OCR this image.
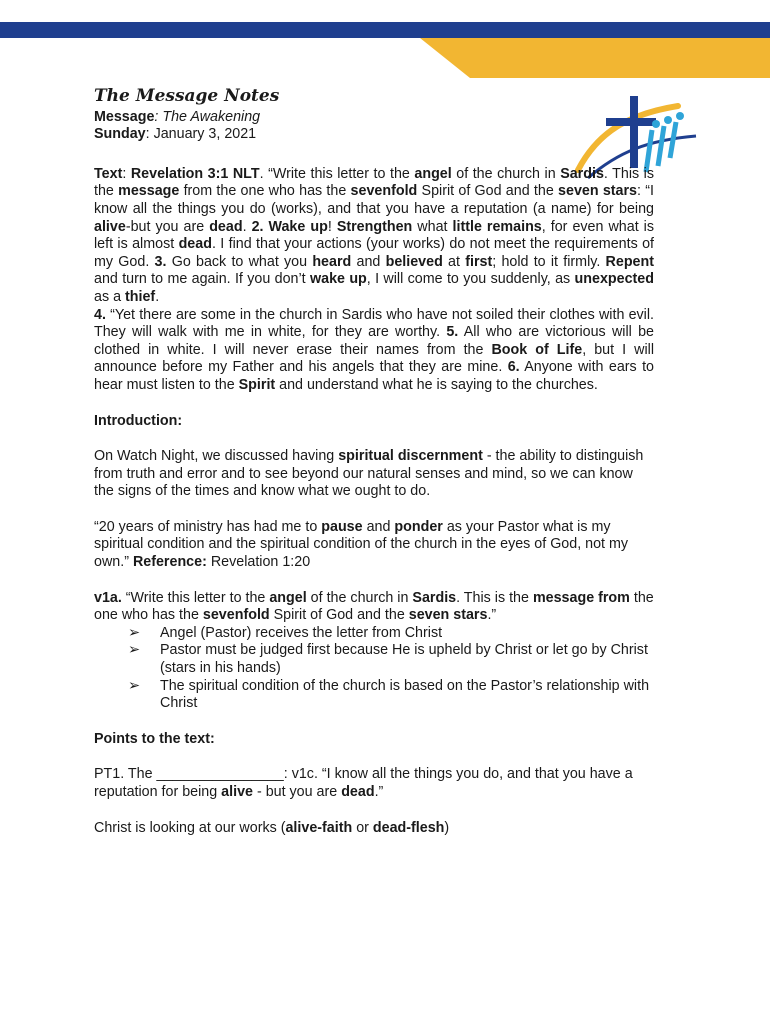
The Message Notes

Message: The Awakening

Sunday: January 3, 2021

Text: Revelation 3:1 NLT. “Write this letter to the angel of the church in Sardis. This is the message from the one who has the sevenfold Spirit of God and the seven stars: “I know all the things you do (works), and that you have a reputation (a name) for being alive-but you are dead. 2. Wake up! Strengthen what little remains, for even what is left is almost dead. I find that your actions (your works) do not meet the requirements of my God. 3. Go back to what you heard and believed at first; hold to it firmly. Repent and turn to me again. If you don’t wake up, I will come to you suddenly, as unexpected as a thief.

4. “Yet there are some in the church in Sardis who have not soiled their clothes with evil. They will walk with me in white, for they are worthy. 5. All who are victorious will be clothed in white. I will never erase their names from the Book of Life, but I will announce before my Father and his angels that they are mine. 6. Anyone with ears to hear must listen to the Spirit and understand what he is saying to the churches.

Introduction:

On Watch Night, we discussed having spiritual discernment - the ability to distinguish from truth and error and to see beyond our natural senses and mind, so we can know the signs of the times and know what we ought to do.

“20 years of ministry has had me to pause and ponder as your Pastor what is my spiritual condition and the spiritual condition of the church in the eyes of God, not my own.” Reference: Revelation 1:20

v1a. “Write this letter to the angel of the church in Sardis. This is the message from the one who has the sevenfold Spirit of God and the seven stars.”

➢ Angel (Pastor) receives the letter from Christ
➢ Pastor must be judged first because He is upheld by Christ or let go by Christ (stars in his hands)
➢ The spiritual condition of the church is based on the Pastor’s relationship with Christ

Points to the text:

PT1. The ________________: v1c. “I know all the things you do, and that you have a reputation for being alive - but you are dead.”

Christ is looking at our works (alive-faith or dead-flesh)
